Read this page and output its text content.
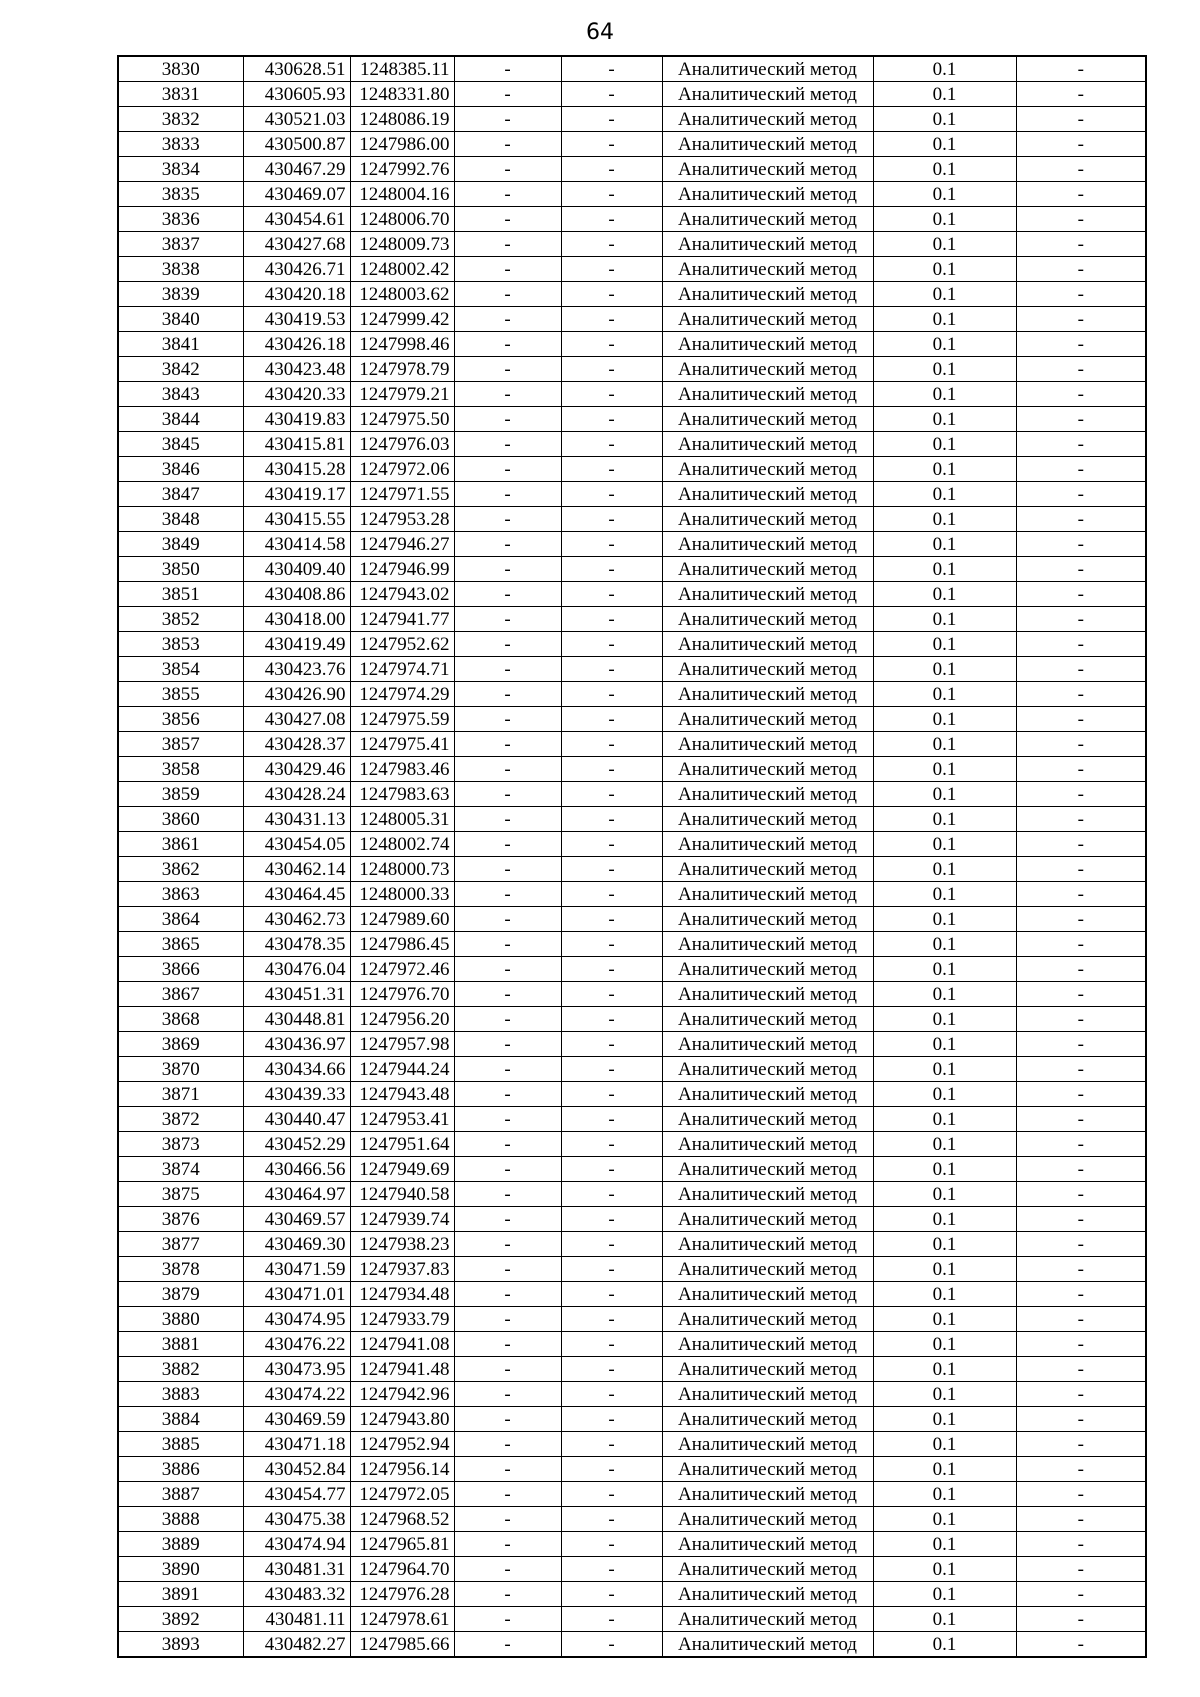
64
3830	430628.51	1248385.11	-	-	Аналитический метод	0.1	-
3831	430605.93	1248331.80	-	-	Аналитический метод	0.1	-
3832	430521.03	1248086.19	-	-	Аналитический метод	0.1	-
3833	430500.87	1247986.00	-	-	Аналитический метод	0.1	-
3834	430467.29	1247992.76	-	-	Аналитический метод	0.1	-
3835	430469.07	1248004.16	-	-	Аналитический метод	0.1	-
3836	430454.61	1248006.70	-	-	Аналитический метод	0.1	-
3837	430427.68	1248009.73	-	-	Аналитический метод	0.1	-
3838	430426.71	1248002.42	-	-	Аналитический метод	0.1	-
3839	430420.18	1248003.62	-	-	Аналитический метод	0.1	-
3840	430419.53	1247999.42	-	-	Аналитический метод	0.1	-
3841	430426.18	1247998.46	-	-	Аналитический метод	0.1	-
3842	430423.48	1247978.79	-	-	Аналитический метод	0.1	-
3843	430420.33	1247979.21	-	-	Аналитический метод	0.1	-
3844	430419.83	1247975.50	-	-	Аналитический метод	0.1	-
3845	430415.81	1247976.03	-	-	Аналитический метод	0.1	-
3846	430415.28	1247972.06	-	-	Аналитический метод	0.1	-
3847	430419.17	1247971.55	-	-	Аналитический метод	0.1	-
3848	430415.55	1247953.28	-	-	Аналитический метод	0.1	-
3849	430414.58	1247946.27	-	-	Аналитический метод	0.1	-
3850	430409.40	1247946.99	-	-	Аналитический метод	0.1	-
3851	430408.86	1247943.02	-	-	Аналитический метод	0.1	-
3852	430418.00	1247941.77	-	-	Аналитический метод	0.1	-
3853	430419.49	1247952.62	-	-	Аналитический метод	0.1	-
3854	430423.76	1247974.71	-	-	Аналитический метод	0.1	-
3855	430426.90	1247974.29	-	-	Аналитический метод	0.1	-
3856	430427.08	1247975.59	-	-	Аналитический метод	0.1	-
3857	430428.37	1247975.41	-	-	Аналитический метод	0.1	-
3858	430429.46	1247983.46	-	-	Аналитический метод	0.1	-
3859	430428.24	1247983.63	-	-	Аналитический метод	0.1	-
3860	430431.13	1248005.31	-	-	Аналитический метод	0.1	-
3861	430454.05	1248002.74	-	-	Аналитический метод	0.1	-
3862	430462.14	1248000.73	-	-	Аналитический метод	0.1	-
3863	430464.45	1248000.33	-	-	Аналитический метод	0.1	-
3864	430462.73	1247989.60	-	-	Аналитический метод	0.1	-
3865	430478.35	1247986.45	-	-	Аналитический метод	0.1	-
3866	430476.04	1247972.46	-	-	Аналитический метод	0.1	-
3867	430451.31	1247976.70	-	-	Аналитический метод	0.1	-
3868	430448.81	1247956.20	-	-	Аналитический метод	0.1	-
3869	430436.97	1247957.98	-	-	Аналитический метод	0.1	-
3870	430434.66	1247944.24	-	-	Аналитический метод	0.1	-
3871	430439.33	1247943.48	-	-	Аналитический метод	0.1	-
3872	430440.47	1247953.41	-	-	Аналитический метод	0.1	-
3873	430452.29	1247951.64	-	-	Аналитический метод	0.1	-
3874	430466.56	1247949.69	-	-	Аналитический метод	0.1	-
3875	430464.97	1247940.58	-	-	Аналитический метод	0.1	-
3876	430469.57	1247939.74	-	-	Аналитический метод	0.1	-
3877	430469.30	1247938.23	-	-	Аналитический метод	0.1	-
3878	430471.59	1247937.83	-	-	Аналитический метод	0.1	-
3879	430471.01	1247934.48	-	-	Аналитический метод	0.1	-
3880	430474.95	1247933.79	-	-	Аналитический метод	0.1	-
3881	430476.22	1247941.08	-	-	Аналитический метод	0.1	-
3882	430473.95	1247941.48	-	-	Аналитический метод	0.1	-
3883	430474.22	1247942.96	-	-	Аналитический метод	0.1	-
3884	430469.59	1247943.80	-	-	Аналитический метод	0.1	-
3885	430471.18	1247952.94	-	-	Аналитический метод	0.1	-
3886	430452.84	1247956.14	-	-	Аналитический метод	0.1	-
3887	430454.77	1247972.05	-	-	Аналитический метод	0.1	-
3888	430475.38	1247968.52	-	-	Аналитический метод	0.1	-
3889	430474.94	1247965.81	-	-	Аналитический метод	0.1	-
3890	430481.31	1247964.70	-	-	Аналитический метод	0.1	-
3891	430483.32	1247976.28	-	-	Аналитический метод	0.1	-
3892	430481.11	1247978.61	-	-	Аналитический метод	0.1	-
3893	430482.27	1247985.66	-	-	Аналитический метод	0.1	-
